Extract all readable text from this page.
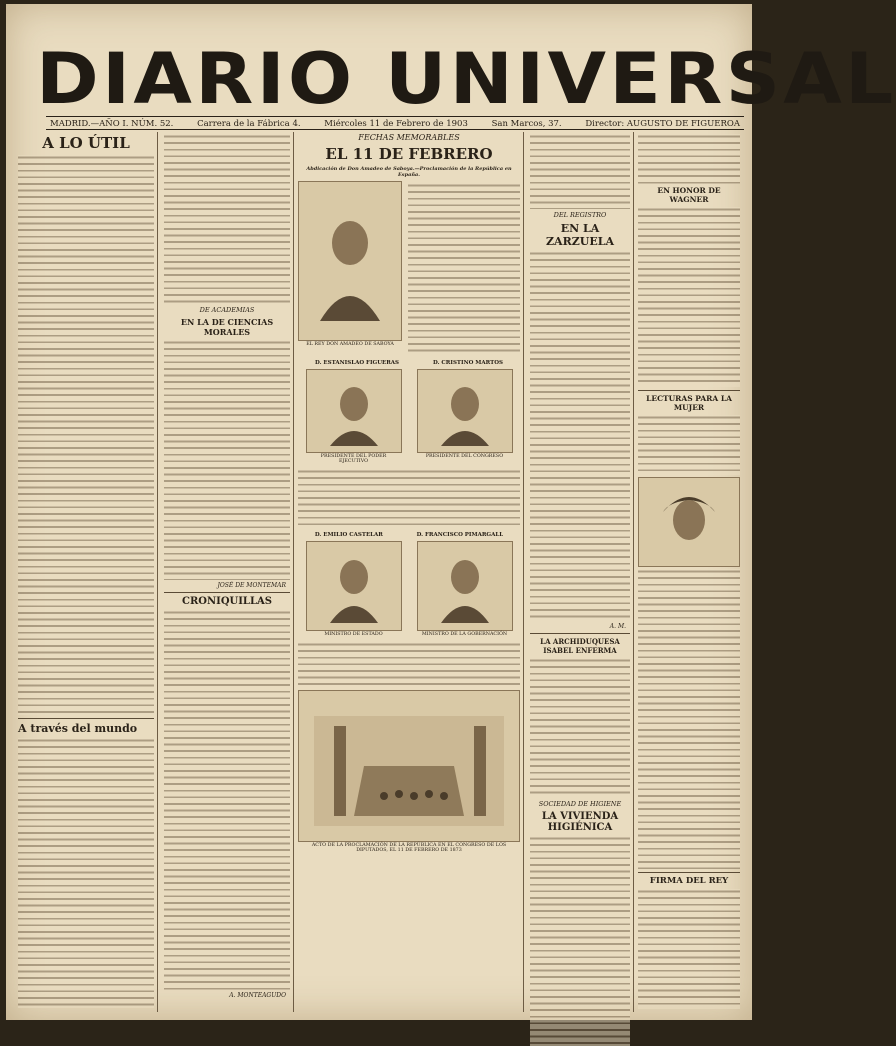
DIARIO UNIVERSAL
MADRID.—AÑO I. NÚM. 52.	Carrera de la Fábrica 4.	Miércoles 11 de Febrero de 1903	San Marcos, 37.	Director: AUGUSTO DE FIGUEROA
A LO ÚTIL
A través del mundo
DE ACADEMIAS
EN LA DE CIENCIAS MORALES
JOSÉ DE MONTEMAR
CRONIQUILLAS
A. MONTEAGUDO
FECHAS MEMORABLES
EL 11 DE FEBRERO
Abdicación de Don Amadeo de Saboya.—Proclamación de la República en España.
EL REY DON AMADEO DE SABOYA
D. ESTANISLAO FIGUERAS	D. CRISTINO MARTOS
PRESIDENTE DEL PODER EJECUTIVO
PRESIDENTE DEL CONGRESO
D. EMILIO CASTELAR	D. FRANCISCO PIMARGALL
MINISTRO DE ESTADO	MINISTRO DE LA GOBERNACIÓN
ACTO DE LA PROCLAMACIÓN DE LA REPÚBLICA EN EL CONGRESO DE LOS DIPUTADOS, EL 11 DE FEBRERO DE 1873
DEL REGISTRO
EN LA ZARZUELA
A. M.
LA ARCHIDUQUESA ISABEL ENFERMA
SOCIEDAD DE HIGIENE
LA VIVIENDA HIGIÉNICA
EN HONOR DE WAGNER
LECTURAS PARA LA MUJER
FIRMA DEL REY
